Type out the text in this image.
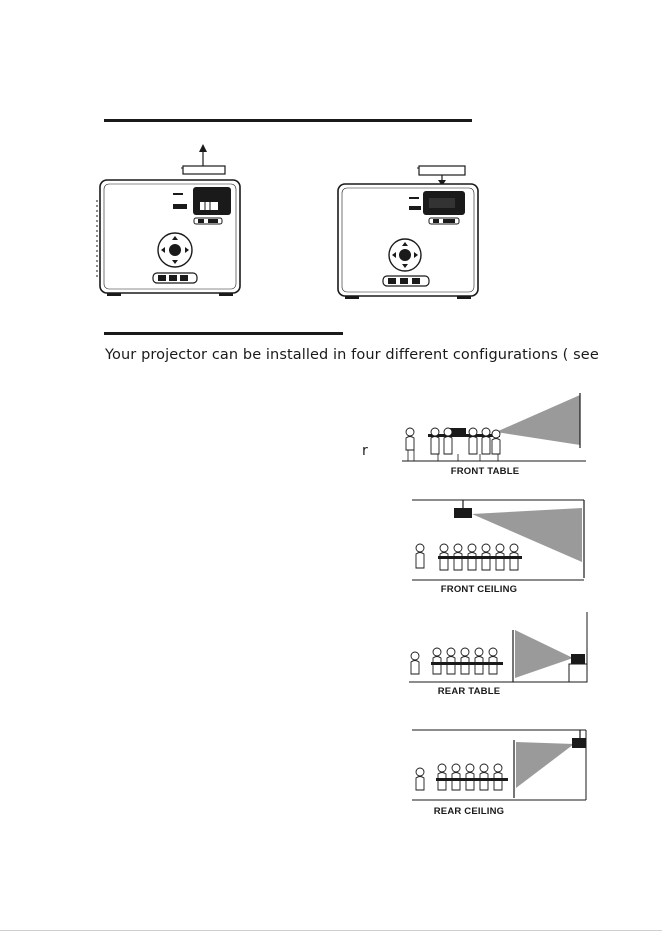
Your projector can be installed in four different configurations ( see
r
FRONT TABLE
FRONT CEILING
REAR TABLE
REAR CEILING
